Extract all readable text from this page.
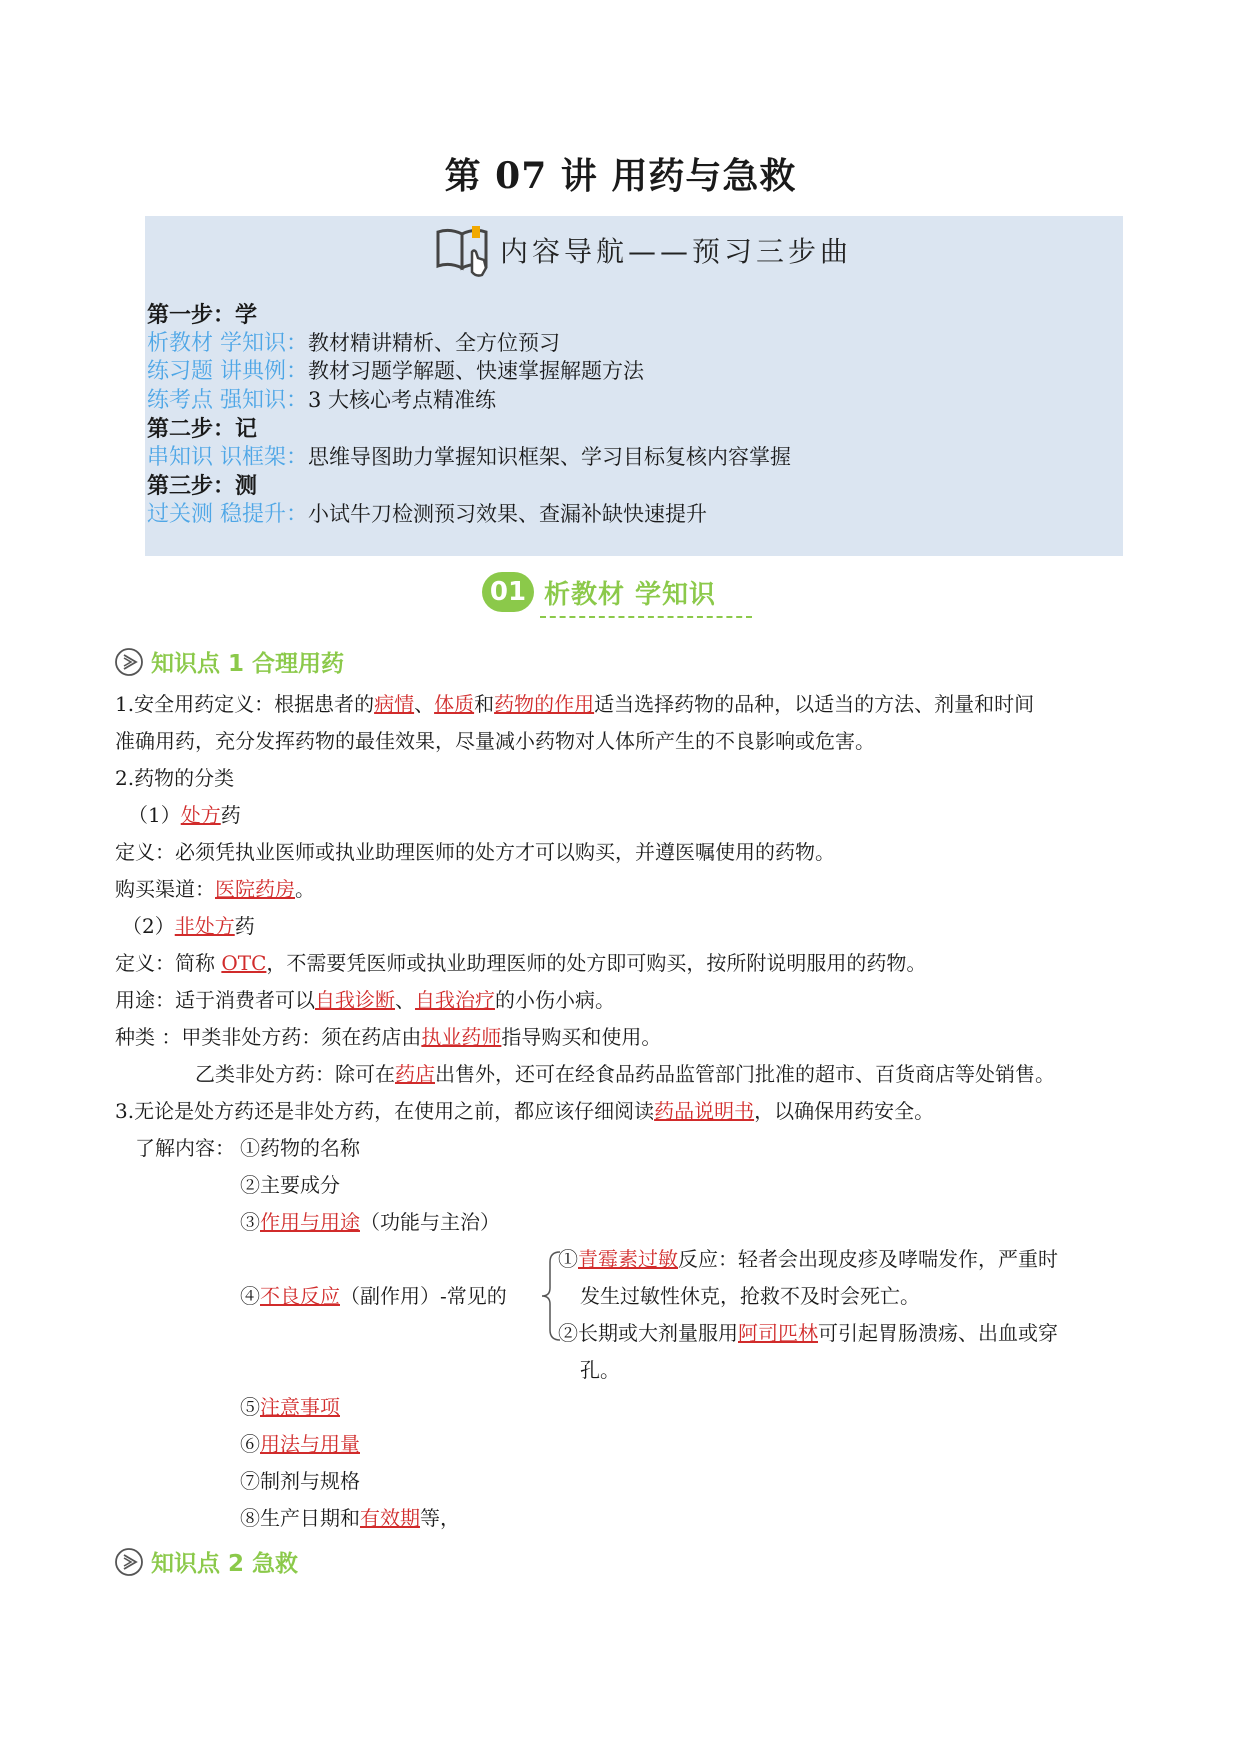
第 07 讲 用药与急救
内容导航——预习三步曲
第一步：学
析教材 学知识：教材精讲精析、全方位预习
练习题 讲典例：教材习题学解题、快速掌握解题方法
练考点 强知识：3 大核心考点精准练
第二步：记
串知识 识框架：思维导图助力掌握知识框架、学习目标复核内容掌握
第三步：测
过关测 稳提升：小试牛刀检测预习效果、查漏补缺快速提升
01 析教材 学知识
知识点 1 合理用药
1.安全用药定义：根据患者的病情、体质和药物的作用适当选择药物的品种，以适当的方法、剂量和时间
准确用药，充分发挥药物的最佳效果，尽量减小药物对人体所产生的不良影响或危害。
2.药物的分类
（1）处方药
定义：必须凭执业医师或执业助理医师的处方才可以购买，并遵医嘱使用的药物。
购买渠道：医院药房。
（2）非处方药
定义：简称 OTC，不需要凭医师或执业助理医师的处方即可购买，按所附说明服用的药物。
用途：适于消费者可以自我诊断、自我治疗的小伤小病。
种类 ：甲类非处方药：须在药店由执业药师指导购买和使用。
乙类非处方药：除可在药店出售外，还可在经食品药品监管部门批准的超市、百货商店等处销售。
3.无论是处方药还是非处方药，在使用之前，都应该仔细阅读药品说明书，以确保用药安全。
了解内容： ①药物的名称
②主要成分
③作用与用途（功能与主治）
④不良反应（副作用）-常见的
①青霉素过敏反应：轻者会出现皮疹及哮喘发作，严重时
发生过敏性休克，抢救不及时会死亡。
②长期或大剂量服用阿司匹林可引起胃肠溃疡、出血或穿
孔。
⑤注意事项
⑥用法与用量
⑦制剂与规格
⑧生产日期和有效期等，
知识点 2 急救
